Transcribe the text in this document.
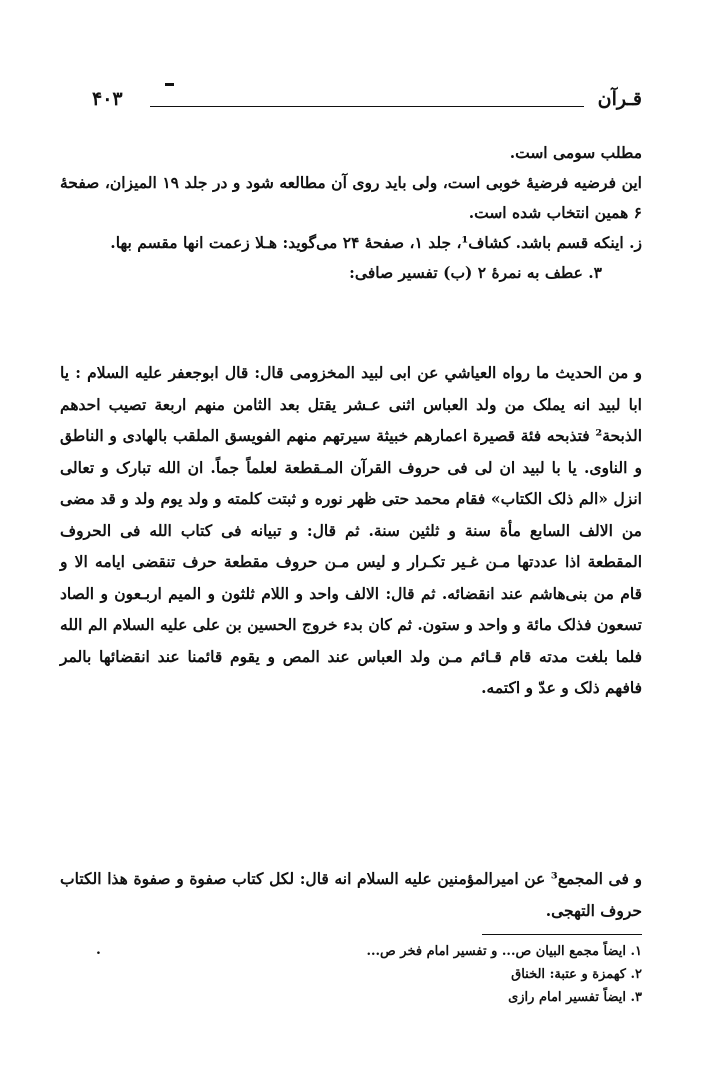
قـرآن
۴۰۳

مطلب سومی است.

این فرضیه فرضیهٔ خوبی است، ولی باید روی آن مطالعه شود و در جلد ۱۹ المیزان، صفحهٔ ۶ همین انتخاب شده است.

ز. اینکه قسم باشد. کشاف¹، جلد ۱، صفحهٔ ۲۴ می‌گوید: هـلا زعمت انها مقسم بها.

۳. عطف به نمرهٔ ۲ (ب) تفسیر صافی:

و من الحديث ما رواه العياشي عن ابى لبيد المخزومى قال: قال ابوجعفر عليه السلام : يا ابا لبيد انه يملک من ولد العباس اثنى عـشر يقتل بعد الثامن منهم اربعة تصيب احدهم الذبحة² فتذبحه فئة قصيرة اعمارهم خبيثة سيرتهم منهم الفويسق الملقب بالهادى و الناطق و الناوى. يا با لبيد ان لى فى حروف القرآن المـقطعة لعلماً جماً. ان الله تبارک و تعالى انزل «الم ذلک الكتاب» فقام محمد حتى ظهر نوره و ثبتت كلمته و ولد يوم ولد و قد مضى من الالف السابع مأة سنة و ثلثين سنة. ثم قال: و تبيانه فى كتاب الله فى الحروف المقطعة اذا عددتها مـن غـير تكـرار و ليس مـن حروف مقطعة حرف تنقضى ايامه الا و قام من بنى‌هاشم عند انقضائه. ثم قال: الالف واحد و اللام ثلثون و الميم اربـعون و الصاد تسعون فذلک مائة و واحد و ستون. ثم كان بدء خروج الحسين بن على عليه السلام الم الله فلما بلغت مدته قام قـائم مـن ولد العباس عند المص و يقوم قائمنا عند انقضائها بالمر فافهم ذلک و عدّ و اكتمه.

و فى المجمع³ عن اميرالمؤمنين عليه السلام انه قال: لكل كتاب صفوة و صفوة هذا الكتاب حروف التهجى.

.	۱. ایضاً مجمع البیان ص... و تفسیر امام فخر ص...
۲. کهمزة و عتبة: الخناق
۳. ایضاً تفسیر امام رازی
